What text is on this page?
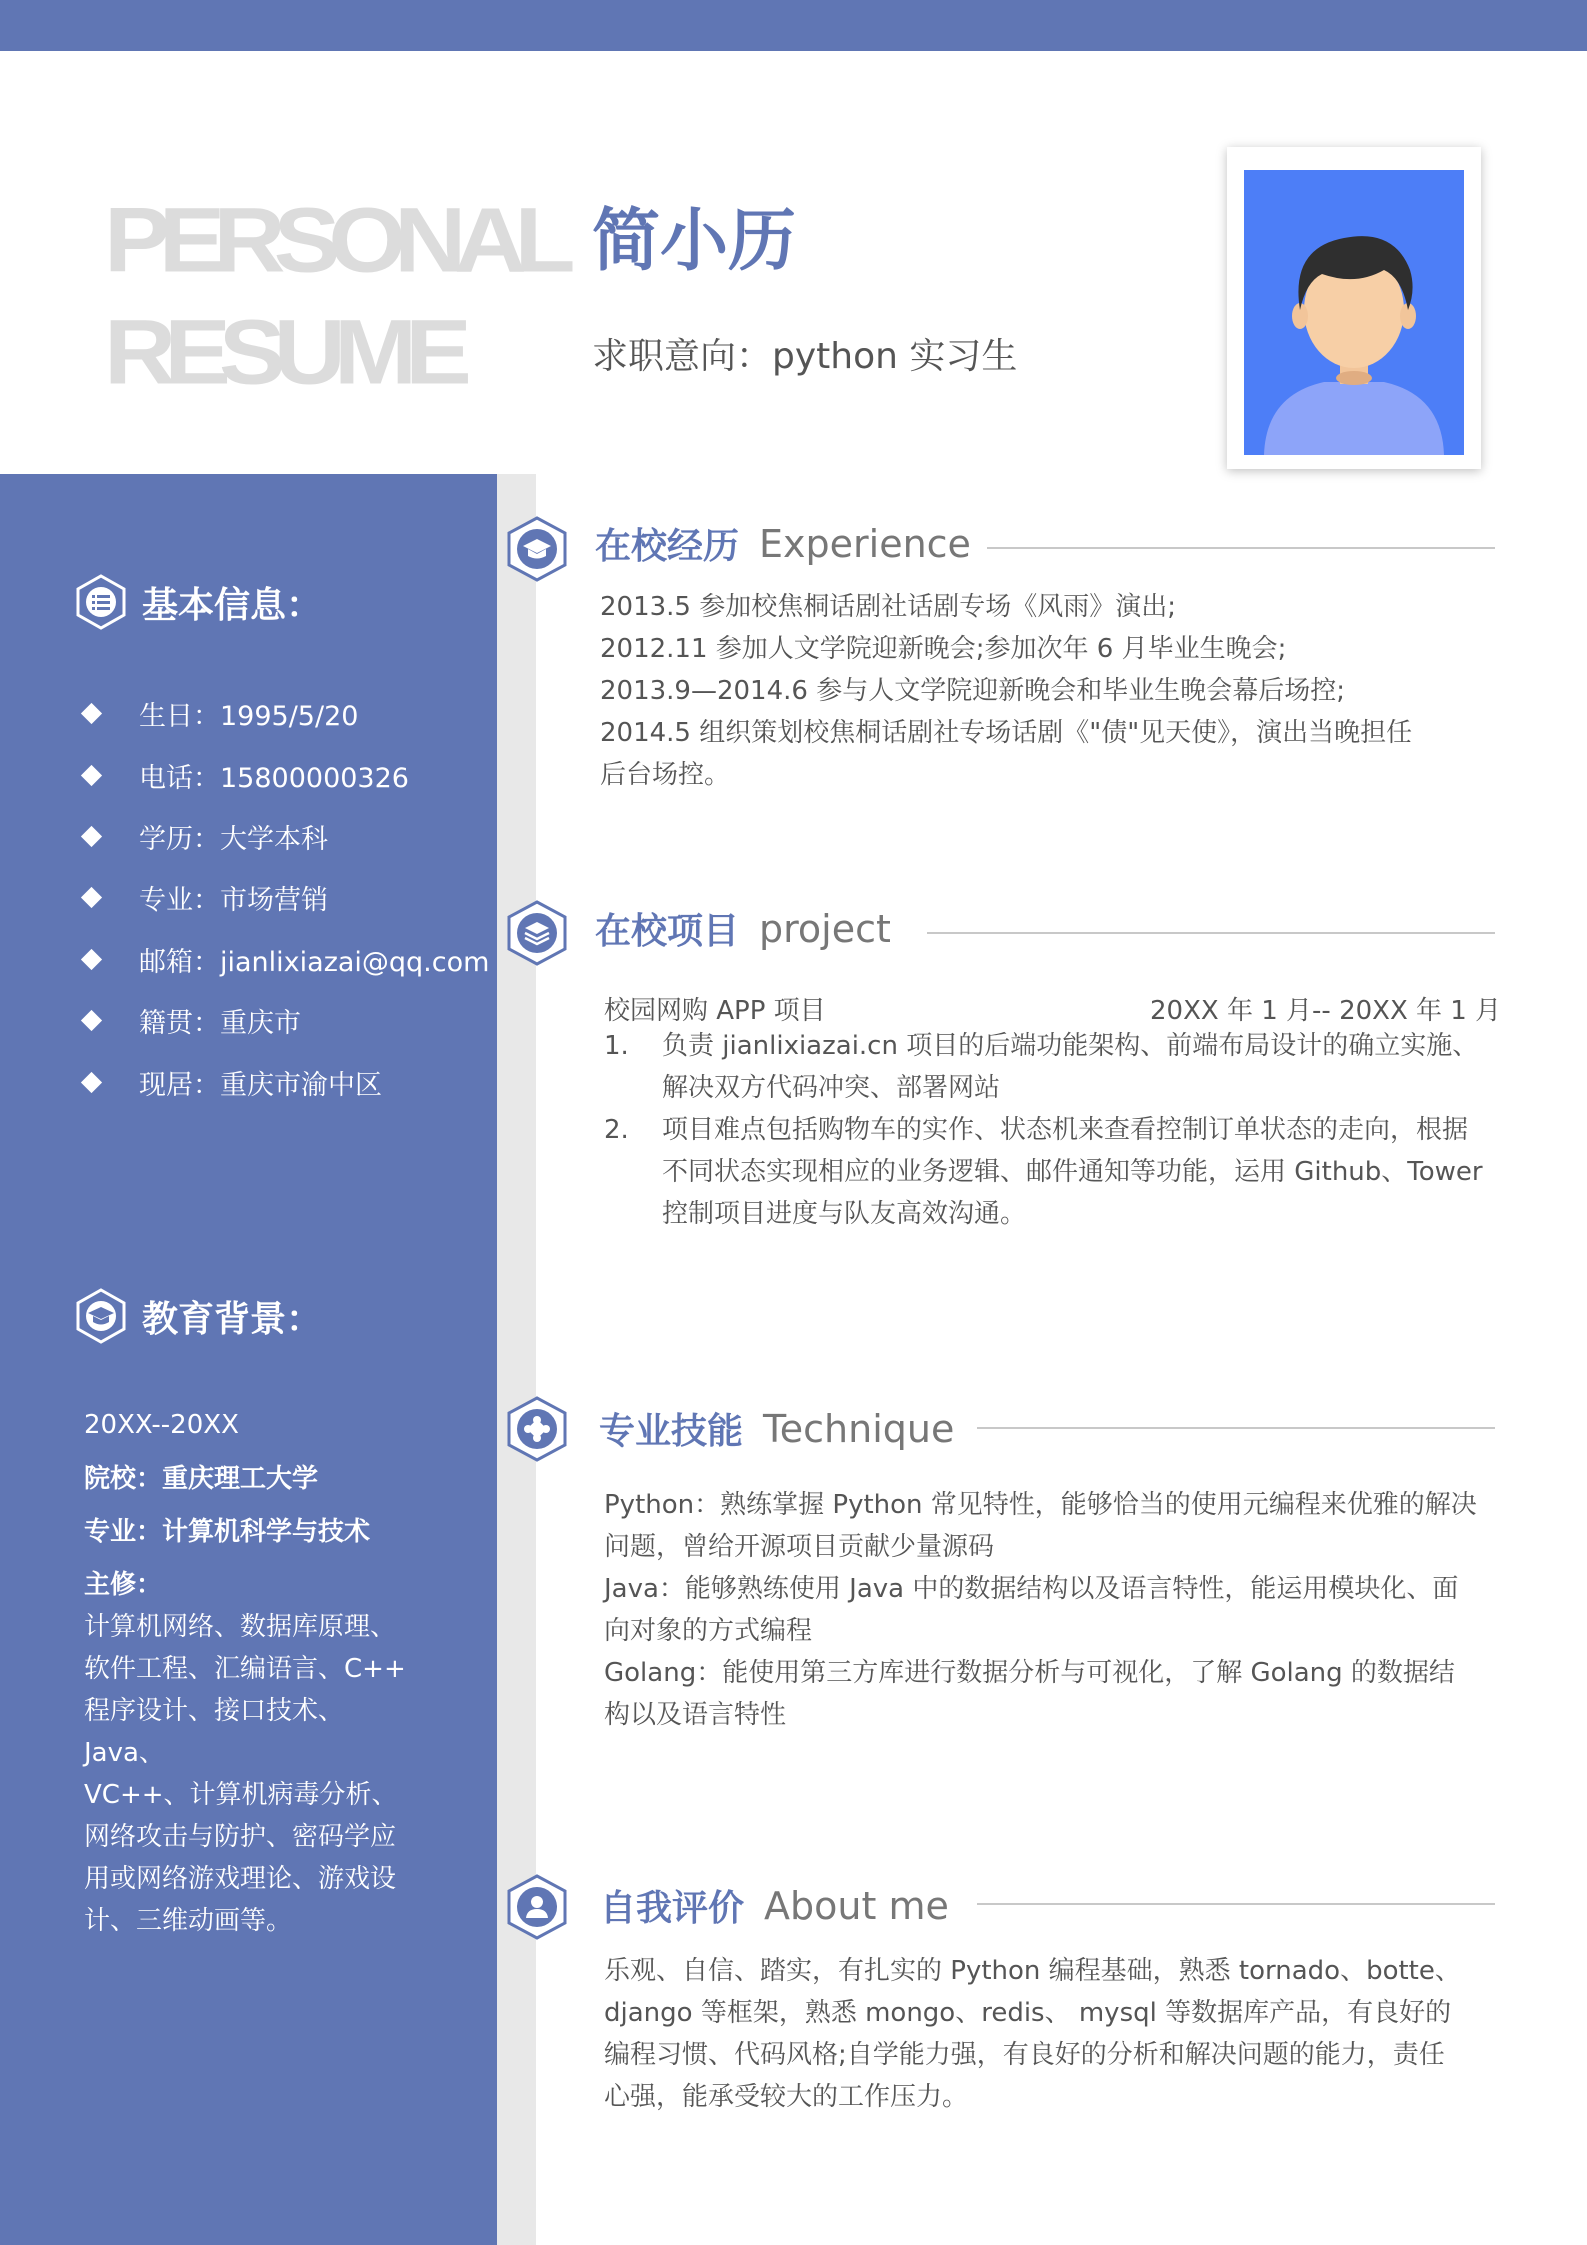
PERSONAL
RESUME
简小历
求职意向：python 实习生
基本信息：
生日：1995/5/20
电话：15800000326
学历：大学本科
专业：市场营销
邮箱：jianlixiazai@qq.com
籍贯：重庆市
现居：重庆市渝中区
教育背景：
20XX--20XX
院校：重庆理工大学
专业：计算机科学与技术
主修：
计算机网络、数据库原理、
软件工程、汇编语言、C++
程序设计、接口技术、Java、
VC++、计算机病毒分析、
网络攻击与防护、密码学应
用或网络游戏理论、游戏设
计、三维动画等。
在校经历 Experience
2013.5 参加校焦桐话剧社话剧专场《风雨》演出;
2012.11 参加人文学院迎新晚会;参加次年 6 月毕业生晚会;
2013.9—2014.6 参与人文学院迎新晚会和毕业生晚会幕后场控;
2014.5 组织策划校焦桐话剧社专场话剧《"债"见天使》，演出当晚担任
后台场控。
在校项目 project
校园网购 APP 项目	20XX 年 1 月-- 20XX 年 1 月
1.	负责 jianlixiazai.cn 项目的后端功能架构、前端布局设计的确立实施、
解决双方代码冲突、部署网站
2.	项目难点包括购物车的实作、状态机来查看控制订单状态的走向，根据
不同状态实现相应的业务逻辑、邮件通知等功能，运用 Github、Tower
控制项目进度与队友高效沟通。
专业技能 Technique
Python：熟练掌握 Python 常见特性，能够恰当的使用元编程来优雅的解决
问题，曾给开源项目贡献少量源码
Java：能够熟练使用 Java 中的数据结构以及语言特性，能运用模块化、面
向对象的方式编程
Golang：能使用第三方库进行数据分析与可视化，了解 Golang 的数据结
构以及语言特性
自我评价 About me
乐观、自信、踏实，有扎实的 Python 编程基础，熟悉 tornado、botte、
django 等框架，熟悉 mongo、redis、 mysql 等数据库产品，有良好的
编程习惯、代码风格;自学能力强，有良好的分析和解决问题的能力，责任
心强，能承受较大的工作压力。
